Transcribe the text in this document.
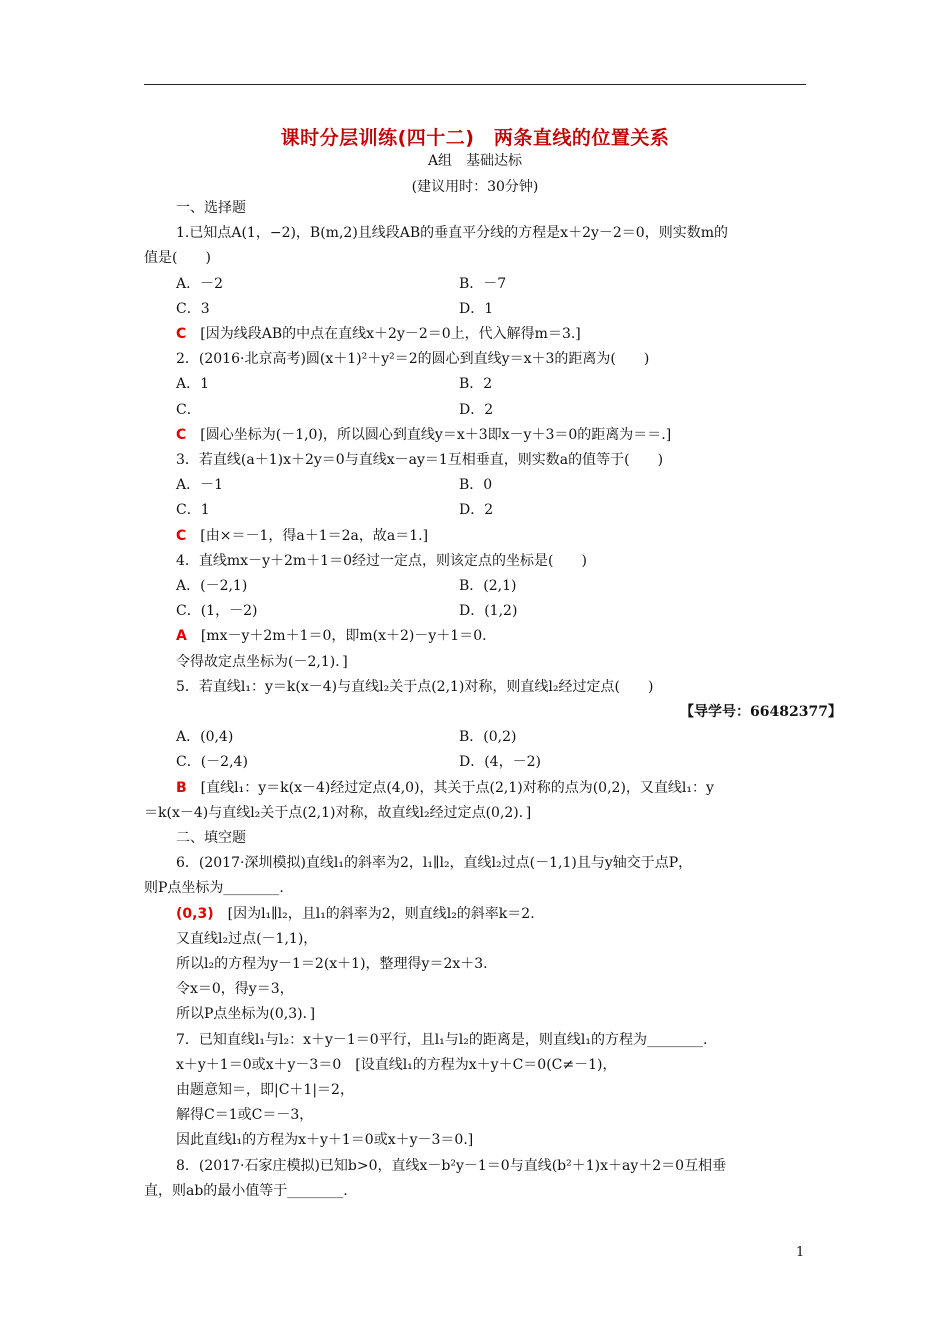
课时分层训练(四十二)　两条直线的位置关系
A组　基础达标
(建议用时：30分钟)
一、选择题
1.已知点A(1，−2)，B(m,2)且线段AB的垂直平分线的方程是x＋2y－2＝0，则实数m的
值是(　　)
A．－2	B．－7
C．3	D．1
C　 [因为线段AB的中点在直线x＋2y－2＝0上，代入解得m＝3.]
2．(2016·北京高考)圆(x＋1)²＋y²＝2的圆心到直线y＝x＋3的距离为(　　)
A．1	B．2
C．	D．2
C　 [圆心坐标为(－1,0)，所以圆心到直线y＝x＋3即x－y＋3＝0的距离为＝＝.]
3．若直线(a＋1)x＋2y＝0与直线x－ay＝1互相垂直，则实数a的值等于(　　)
A．－1	B．0
C．1	D．2
C　 [由×＝－1，得a＋1＝2a，故a＝1.]
4．直线mx－y＋2m＋1＝0经过一定点，则该定点的坐标是(　　)
A．(－2,1)	B．(2,1)
C．(1，－2)	D．(1,2)
A　 [mx－y＋2m＋1＝0，即m(x＋2)－y＋1＝0.
令得故定点坐标为(－2,1)．]
5．若直线l₁：y＝k(x－4)与直线l₂关于点(2,1)对称，则直线l₂经过定点(　　)
【导学号：66482377】
A．(0,4)	B．(0,2)
C．(－2,4)	D．(4，－2)
B　 [直线l₁：y＝k(x－4)经过定点(4,0)，其关于点(2,1)对称的点为(0,2)，又直线l₁：y
＝k(x－4)与直线l₂关于点(2,1)对称，故直线l₂经过定点(0,2)．]
二、填空题
6．(2017·深圳模拟)直线l₁的斜率为2，l₁∥l₂，直线l₂过点(－1,1)且与y轴交于点P，
则P点坐标为________.
(0,3)　 [因为l₁∥l₂，且l₁的斜率为2，则直线l₂的斜率k＝2.
又直线l₂过点(－1,1)，
所以l₂的方程为y－1＝2(x＋1)，整理得y＝2x＋3.
令x＝0，得y＝3，
所以P点坐标为(0,3)．]
7．已知直线l₁与l₂：x＋y－1＝0平行，且l₁与l₂的距离是，则直线l₁的方程为________.
x＋y＋1＝0或x＋y－3＝0　[设直线l₁的方程为x＋y＋C＝0(C≠－1)，
由题意知＝，即|C＋1|＝2，
解得C＝1或C＝－3，
因此直线l₁的方程为x＋y＋1＝0或x＋y－3＝0.]
8．(2017·石家庄模拟)已知b>0，直线x－b²y－1＝0与直线(b²＋1)x＋ay＋2＝0互相垂
直，则ab的最小值等于________.
1
